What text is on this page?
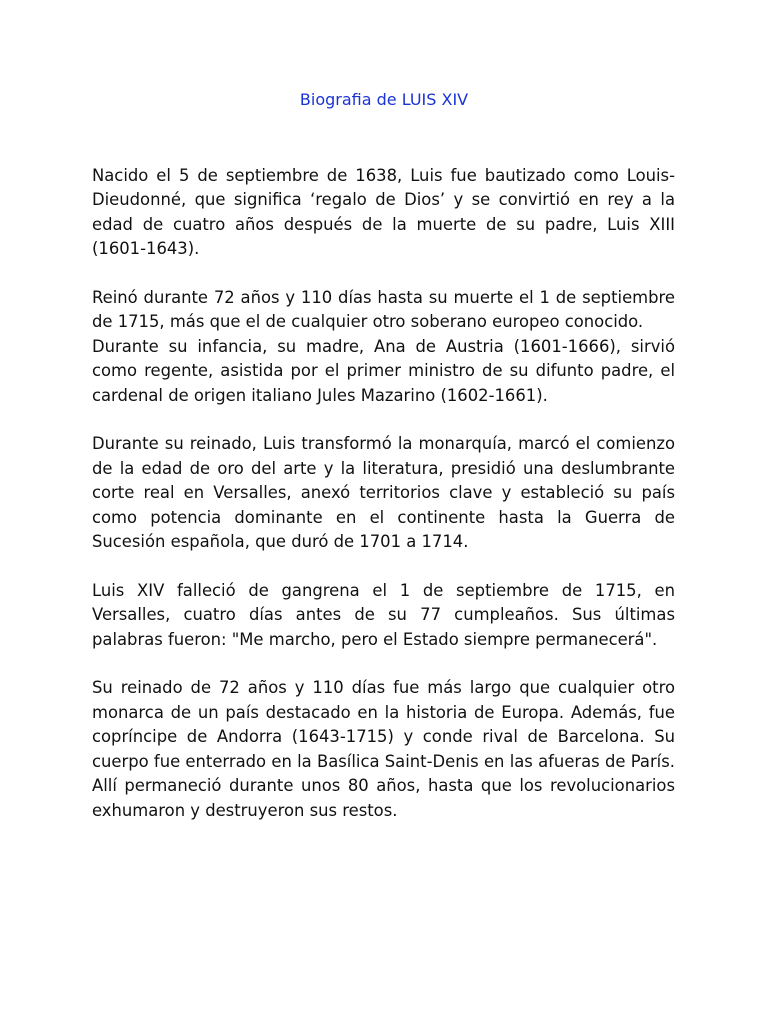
Biografia de LUIS XIV

Nacido el 5 de septiembre de 1638, Luis fue bautizado como Louis-Dieudonné, que significa ‘regalo de Dios’ y se convirtió en rey a la edad de cuatro años después de la muerte de su padre, Luis XIII (1601-1643).

Reinó durante 72 años y 110 días hasta su muerte el 1 de septiembre de 1715, más que el de cualquier otro soberano europeo conocido.

Durante su infancia, su madre, Ana de Austria (1601-1666), sirvió como regente, asistida por el primer ministro de su difunto padre, el cardenal de origen italiano Jules Mazarino (1602-1661).

Durante su reinado, Luis transformó la monarquía, marcó el comienzo de la edad de oro del arte y la literatura, presidió una deslumbrante corte real en Versalles, anexó territorios clave y estableció su país como potencia dominante en el continente hasta la Guerra de Sucesión española, que duró de 1701 a 1714.

Luis XIV falleció de gangrena el 1 de septiembre de 1715, en Versalles, cuatro días antes de su 77 cumpleaños. Sus últimas palabras fueron: "Me marcho, pero el Estado siempre permanecerá".

Su reinado de 72 años y 110 días fue más largo que cualquier otro monarca de un país destacado en la historia de Europa. Además, fue copríncipe de Andorra (1643-1715) y conde rival de Barcelona. Su cuerpo fue enterrado en la Basílica Saint-Denis en las afueras de París. Allí permaneció durante unos 80 años, hasta que los revolucionarios exhumaron y destruyeron sus restos.
